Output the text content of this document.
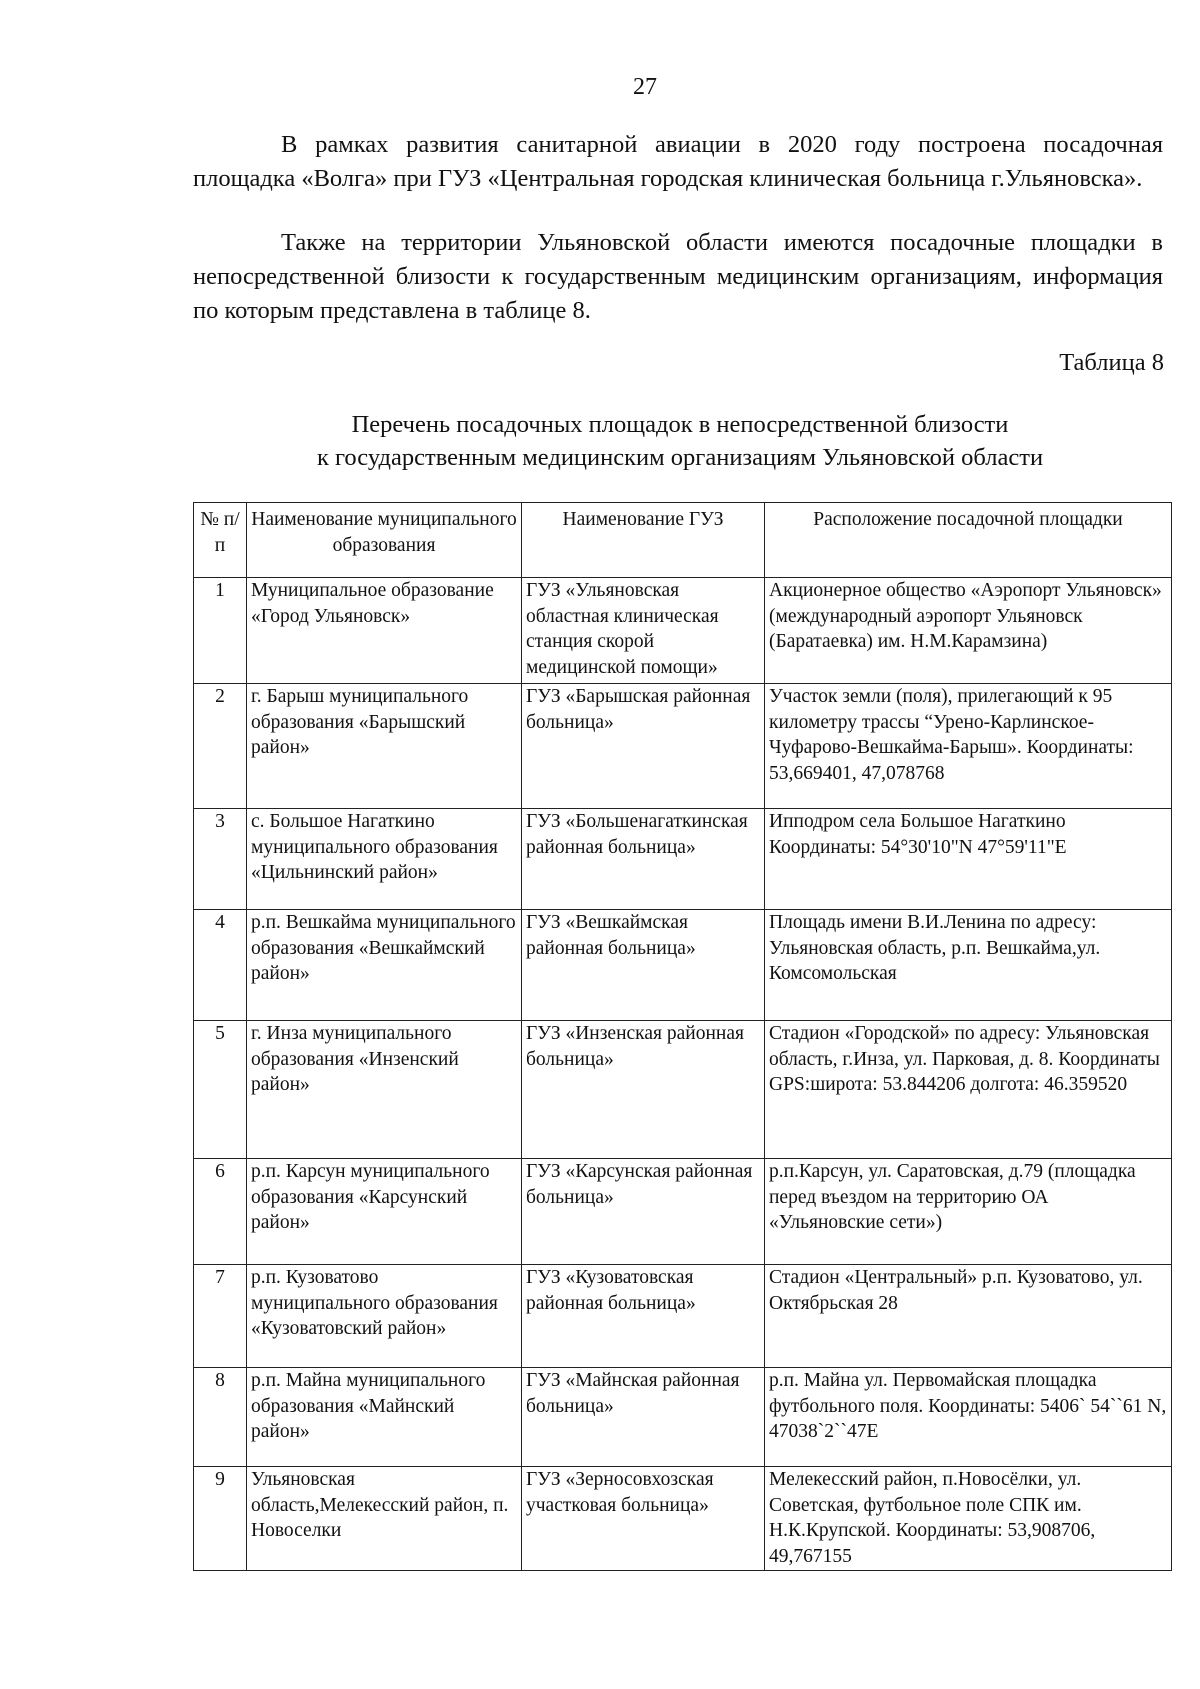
27

В рамках развития санитарной авиации в 2020 году построена посадочная площадка «Волга» при ГУЗ «Центральная городская клиническая больница г.Ульяновска».

Также на территории Ульяновской области имеются посадочные площадки в непосредственной близости к государственным медицинским организациям, информация по которым представлена в таблице 8.

Таблица 8
Перечень посадочных площадок в непосредственной близости
к государственным медицинским организациям Ульяновской области
№ п/п	Наименование муниципального образования	Наименование ГУЗ	Расположение посадочной площадки
1	Муниципальное образование «Город Ульяновск»	ГУЗ «Ульяновская областная клиническая станция скорой медицинской помощи»	Акционерное общество «Аэропорт Ульяновск» (международный аэропорт Ульяновск (Баратаевка) им. Н.М.Карамзина)
2	г. Барыш муниципального образования «Барышский район»	ГУЗ «Барышская районная больница»	Участок земли (поля), прилегающий к 95 километру трассы “Урено-Карлинское-Чуфарово-Вешкайма-Барыш». Координаты: 53,669401, 47,078768
3	с. Большое Нагаткино муниципального образования «Цильнинский район»	ГУЗ «Большенагаткинская районная больница»	Ипподром села Большое Нагаткино Координаты: 54°30'10"N 47°59'11"E
4	р.п. Вешкайма муниципального образования «Вешкаймский район»	ГУЗ «Вешкаймская районная больница»	Площадь имени В.И.Ленина по адресу: Ульяновская область, р.п. Вешкайма,ул. Комсомольская
5	г. Инза муниципального образования «Инзенский район»	ГУЗ «Инзенская районная больница»	Стадион «Городской» по адресу: Ульяновская область, г.Инза, ул. Парковая, д. 8. Координаты GPS:широта: 53.844206 долгота: 46.359520
6	р.п. Карсун муниципального образования «Карсунский район»	ГУЗ «Карсунская районная больница»	р.п.Карсун, ул. Саратовская, д.79 (площадка перед въездом на территорию ОА «Ульяновские сети»)
7	р.п. Кузоватово муниципального образования «Кузоватовский район»	ГУЗ «Кузоватовская районная больница»	Стадион «Центральный» р.п. Кузоватово, ул. Октябрьская 28
8	р.п. Майна муниципального образования «Майнский район»	ГУЗ «Майнская районная больница»	р.п. Майна ул. Первомайская площадка футбольного поля. Координаты: 5406` 54``61 N, 47038`2``47E
9	Ульяновская область,Мелекесский район, п. Новоселки	ГУЗ «Зерносовхозская участковая больница»	Мелекесский район, п.Новосёлки, ул. Советская, футбольное поле СПК им. Н.К.Крупской. Координаты: 53,908706, 49,767155
